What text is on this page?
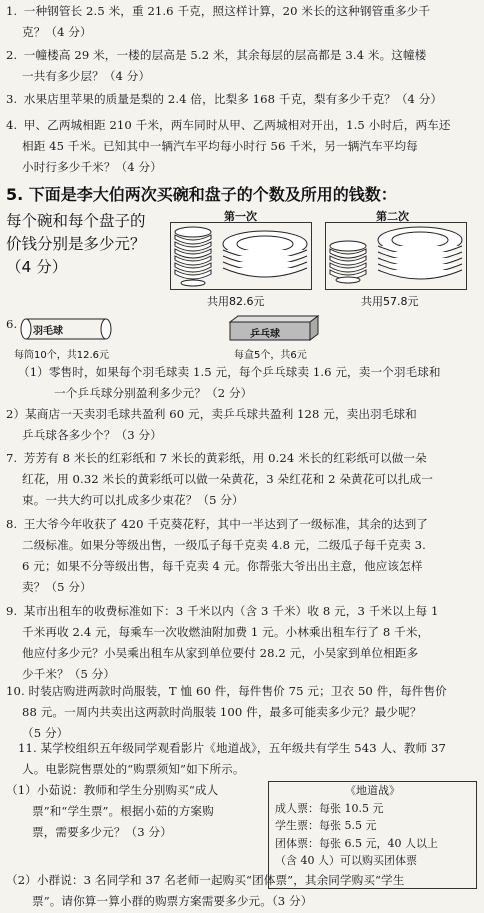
1. 一种钢管长 2.5 米，重 21.6 千克，照这样计算，20 米长的这种钢管重多少千
克？（4 分）
2. 一幢楼高 29 米，一楼的层高是 5.2 米，其余每层的层高都是 3.4 米。这幢楼
一共有多少层？（4 分）
3. 水果店里苹果的质量是梨的 2.4 倍，比梨多 168 千克，梨有多少千克？（4 分）
4. 甲、乙两城相距 210 千米，两车同时从甲、乙两城相对开出，1.5 小时后，两车还
相距 45 千米。已知其中一辆汽车平均每小时行 56 千米，另一辆汽车平均每
小时行多少千米？（4 分）
5. 下面是李大伯两次买碗和盘子的个数及所用的钱数：
每个碗和每个盘子的
价钱分别是多少元？
（4 分）
第一次	第二次
共用82.6元	共用57.8元
6.
羽毛球
每筒10个，共12.6元
乒乓球
每盒5个，共6元
（1）零售时，如果每个羽毛球卖 1.5 元，每个乒乓球卖 1.6 元，卖一个羽毛球和
一个乒乓球分别盈利多少元？（2 分）
2）某商店一天卖羽毛球共盈利 60 元，卖乒乓球共盈利 128 元，卖出羽毛球和
乒乓球各多少个？（3 分）
7. 芳芳有 8 米长的红彩纸和 7 米长的黄彩纸，用 0.24 米长的红彩纸可以做一朵
红花，用 0.32 米长的黄彩纸可以做一朵黄花，3 朵红花和 2 朵黄花可以扎成一
束。一共大约可以扎成多少束花？（5 分）
8. 王大爷今年收获了 420 千克葵花籽，其中一半达到了一级标准，其余的达到了
二级标准。如果分等级出售，一级瓜子每千克卖 4.8 元，二级瓜子每千克卖 3.
6 元；如果不分等级出售，每千克卖 4 元。你帮张大爷出出主意，他应该怎样
卖？（5 分）
9. 某市出租车的收费标准如下：3 千米以内（含 3 千米）收 8 元，3 千米以上每 1
千米再收 2.4 元，每乘车一次收燃油附加费 1 元。小林乘出租车行了 8 千米，
他应付多少元？小吴乘出租车从家到单位要付 28.2 元，小吴家到单位相距多
少千米？（5 分）
10. 时装店购进两款时尚服装，T 恤 60 件，每件售价 75 元；卫衣 50 件，每件售价
88 元。一周内共卖出这两款时尚服装 100 件，最多可能卖多少元？最少呢？
（5 分）
11. 某学校组织五年级同学观看影片《地道战》，五年级共有学生 543 人、教师 37
人。电影院售票处的“购票须知”如下所示。
（1）小茹说：教师和学生分别购买“成人
票”和“学生票”。根据小茹的方案购
票，需要多少元？（3 分）
《地道战》
成人票：每张 10.5 元
学生票：每张 5.5 元
团体票：每张 6.5 元，40 人以上
（含 40 人）可以购买团体票
（2）小群说：3 名同学和 37 名老师一起购买“团体票”，其余同学购买“学生
票”。请你算一算小群的购票方案需要多少元。（3 分）
